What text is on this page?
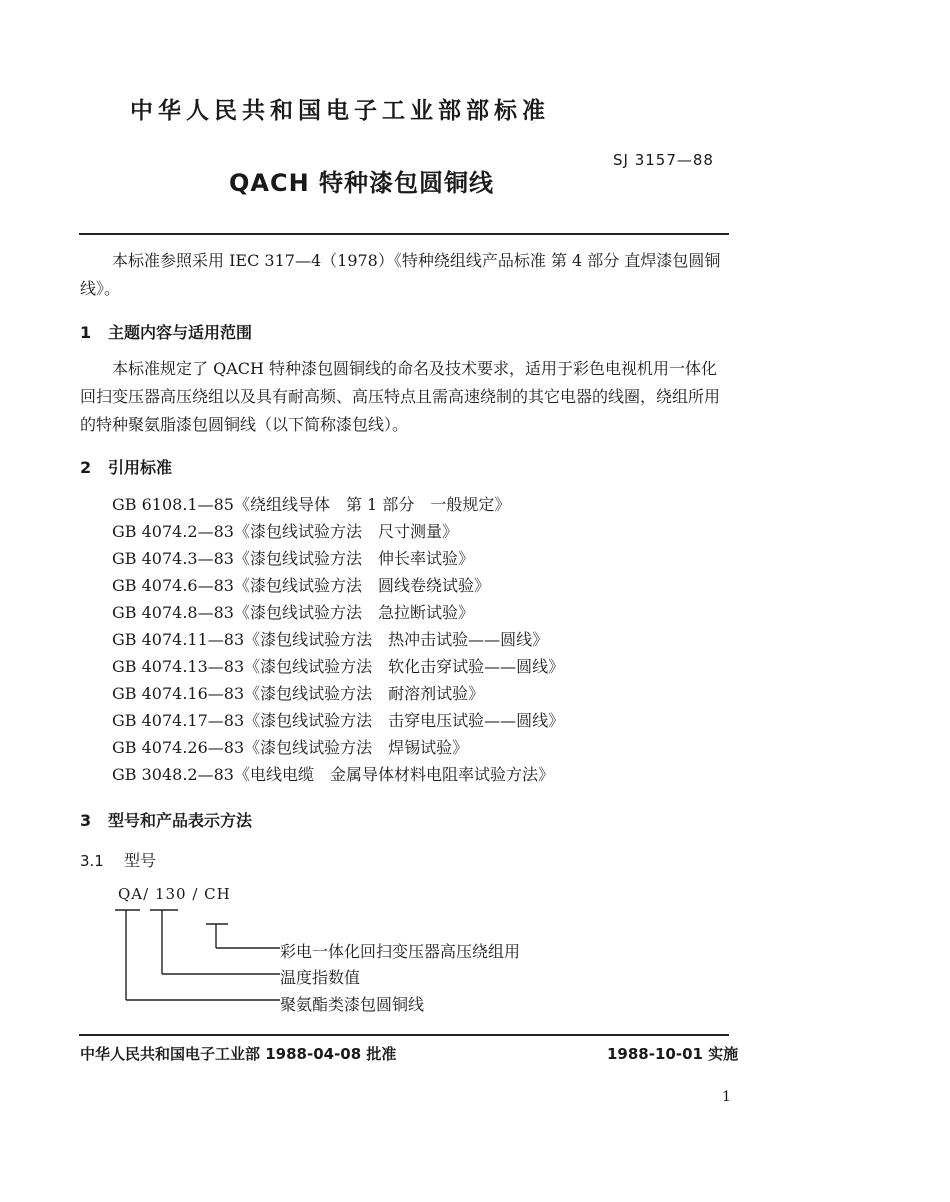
中华人民共和国电子工业部部标准
QACH 特种漆包圆铜线
SJ 3157—88

本标准参照采用 IEC 317—4（1978）《特种绕组线产品标准 第 4 部分 直焊漆包圆铜线》。

1 主题内容与适用范围

本标准规定了 QACH 特种漆包圆铜线的命名及技术要求，适用于彩色电视机用一体化回扫变压器高压绕组以及具有耐高频、高压特点且需高速绕制的其它电器的线圈，绕组所用的特种聚氨脂漆包圆铜线（以下简称漆包线）。

2 引用标准
GB 6108.1—85《绕组线导体　第 1 部分　一般规定》
GB 4074.2—83《漆包线试验方法　尺寸测量》
GB 4074.3—83《漆包线试验方法　伸长率试验》
GB 4074.6—83《漆包线试验方法　圆线卷绕试验》
GB 4074.8—83《漆包线试验方法　急拉断试验》
GB 4074.11—83《漆包线试验方法　热冲击试验——圆线》
GB 4074.13—83《漆包线试验方法　软化击穿试验——圆线》
GB 4074.16—83《漆包线试验方法　耐溶剂试验》
GB 4074.17—83《漆包线试验方法　击穿电压试验——圆线》
GB 4074.26—83《漆包线试验方法　焊锡试验》
GB 3048.2—83《电线电缆　金属导体材料电阻率试验方法》
3 型号和产品表示方法
3.1 型号
QA/ 130 / CH
彩电一体化回扫变压器高压绕组用
温度指数值
聚氨酯类漆包圆铜线
中华人民共和国电子工业部 1988-04-08 批准	1988-10-01 实施
1
